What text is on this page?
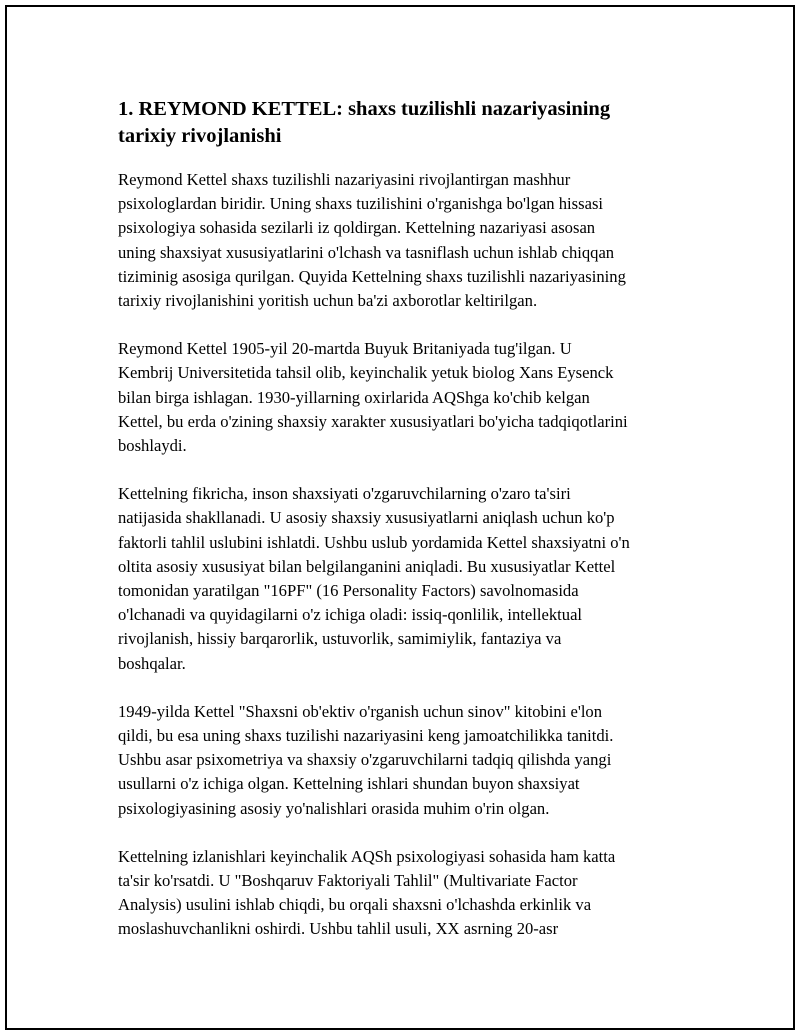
1. REYMOND KETTEL: shaxs tuzilishli nazariyasining
tarixiy rivojlanishi

Reymond Kettel shaxs tuzilishli nazariyasini rivojlantirgan mashhur
psixologlardan biridir. Uning shaxs tuzilishini o'rganishga bo'lgan hissasi
psixologiya sohasida sezilarli iz qoldirgan. Kettelning nazariyasi asosan
uning shaxsiyat xususiyatlarini o'lchash va tasniflash uchun ishlab chiqqan
tiziminig asosiga qurilgan. Quyida Kettelning shaxs tuzilishli nazariyasining
tarixiy rivojlanishini yoritish uchun ba'zi axborotlar keltirilgan.

Reymond Kettel 1905-yil 20-martda Buyuk Britaniyada tug'ilgan. U
Kembrij Universitetida tahsil olib, keyinchalik yetuk biolog Xans Eysenck
bilan birga ishlagan. 1930-yillarning oxirlarida AQShga ko'chib kelgan
Kettel, bu erda o'zining shaxsiy xarakter xususiyatlari bo'yicha tadqiqotlarini
boshlaydi.

Kettelning fikricha, inson shaxsiyati o'zgaruvchilarning o'zaro ta'siri
natijasida shakllanadi. U asosiy shaxsiy xususiyatlarni aniqlash uchun ko'p
faktorli tahlil uslubini ishlatdi. Ushbu uslub yordamida Kettel shaxsiyatni o'n
oltita asosiy xususiyat bilan belgilanganini aniqladi. Bu xususiyatlar Kettel
tomonidan yaratilgan "16PF" (16 Personality Factors) savolnomasida
o'lchanadi va quyidagilarni o'z ichiga oladi: issiq-qonlilik, intellektual
rivojlanish, hissiy barqarorlik, ustuvorlik, samimiylik, fantaziya va
boshqalar.

1949-yilda Kettel "Shaxsni ob'ektiv o'rganish uchun sinov" kitobini e'lon
qildi, bu esa uning shaxs tuzilishi nazariyasini keng jamoatchilikka tanitdi.
Ushbu asar psixometriya va shaxsiy o'zgaruvchilarni tadqiq qilishda yangi
usullarni o'z ichiga olgan. Kettelning ishlari shundan buyon shaxsiyat
psixologiyasining asosiy yo'nalishlari orasida muhim o'rin olgan.

Kettelning izlanishlari keyinchalik AQSh psixologiyasi sohasida ham katta
ta'sir ko'rsatdi. U "Boshqaruv Faktoriyali Tahlil" (Multivariate Factor
Analysis) usulini ishlab chiqdi, bu orqali shaxsni o'lchashda erkinlik va
moslashuvchanlikni oshirdi. Ushbu tahlil usuli, XX asrning 20-asr
